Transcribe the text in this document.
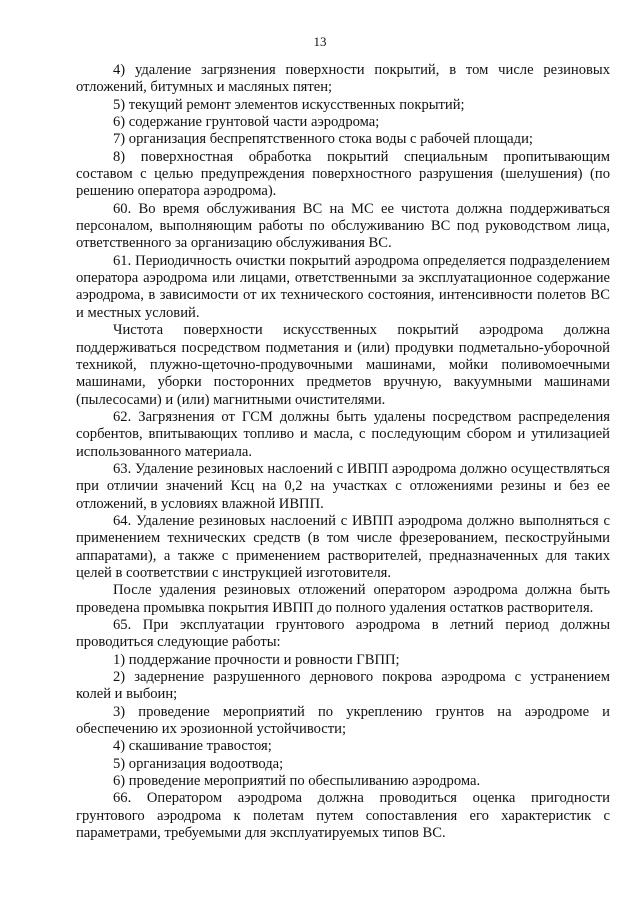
13

4) удаление загрязнения поверхности покрытий, в том числе резиновых отложений, битумных и масляных пятен;

5) текущий ремонт элементов искусственных покрытий;

6) содержание грунтовой части аэродрома;

7) организация беспрепятственного стока воды с рабочей площади;

8) поверхностная обработка покрытий специальным пропитывающим составом с целью предупреждения поверхностного разрушения (шелушения) (по решению оператора аэродрома).

60. Во время обслуживания ВС на МС ее чистота должна поддерживаться персоналом, выполняющим работы по обслуживанию ВС под руководством лица, ответственного за организацию обслуживания ВС.

61. Периодичность очистки покрытий аэродрома определяется подразделением оператора аэродрома или лицами, ответственными за эксплуатационное содержание аэродрома, в зависимости от их технического состояния, интенсивности полетов ВС и местных условий.

Чистота поверхности искусственных покрытий аэродрома должна поддерживаться посредством подметания и (или) продувки подметально-уборочной техникой, плужно-щеточно-продувочными машинами, мойки поливомоечными машинами, уборки посторонних предметов вручную, вакуумными машинами (пылесосами) и (или) магнитными очистителями.

62. Загрязнения от ГСМ должны быть удалены посредством распределения сорбентов, впитывающих топливо и масла, с последующим сбором и утилизацией использованного материала.

63. Удаление резиновых наслоений с ИВПП аэродрома должно осуществляться при отличии значений Ксц на 0,2 на участках с отложениями резины и без ее отложений, в условиях влажной ИВПП.

64. Удаление резиновых наслоений с ИВПП аэродрома должно выполняться с применением технических средств (в том числе фрезерованием, пескоструйными аппаратами), а также с применением растворителей, предназначенных для таких целей в соответствии с инструкцией изготовителя.

После удаления резиновых отложений оператором аэродрома должна быть проведена промывка покрытия ИВПП до полного удаления остатков растворителя.

65. При эксплуатации грунтового аэродрома в летний период должны проводиться следующие работы:

1) поддержание прочности и ровности ГВПП;

2) задернение разрушенного дернового покрова аэродрома с устранением колей и выбоин;

3) проведение мероприятий по укреплению грунтов на аэродроме и обеспечению их эрозионной устойчивости;

4) скашивание травостоя;

5) организация водоотвода;

6) проведение мероприятий по обеспыливанию аэродрома.

66. Оператором аэродрома должна проводиться оценка пригодности грунтового аэродрома к полетам путем сопоставления его характеристик с параметрами, требуемыми для эксплуатируемых типов ВС.
